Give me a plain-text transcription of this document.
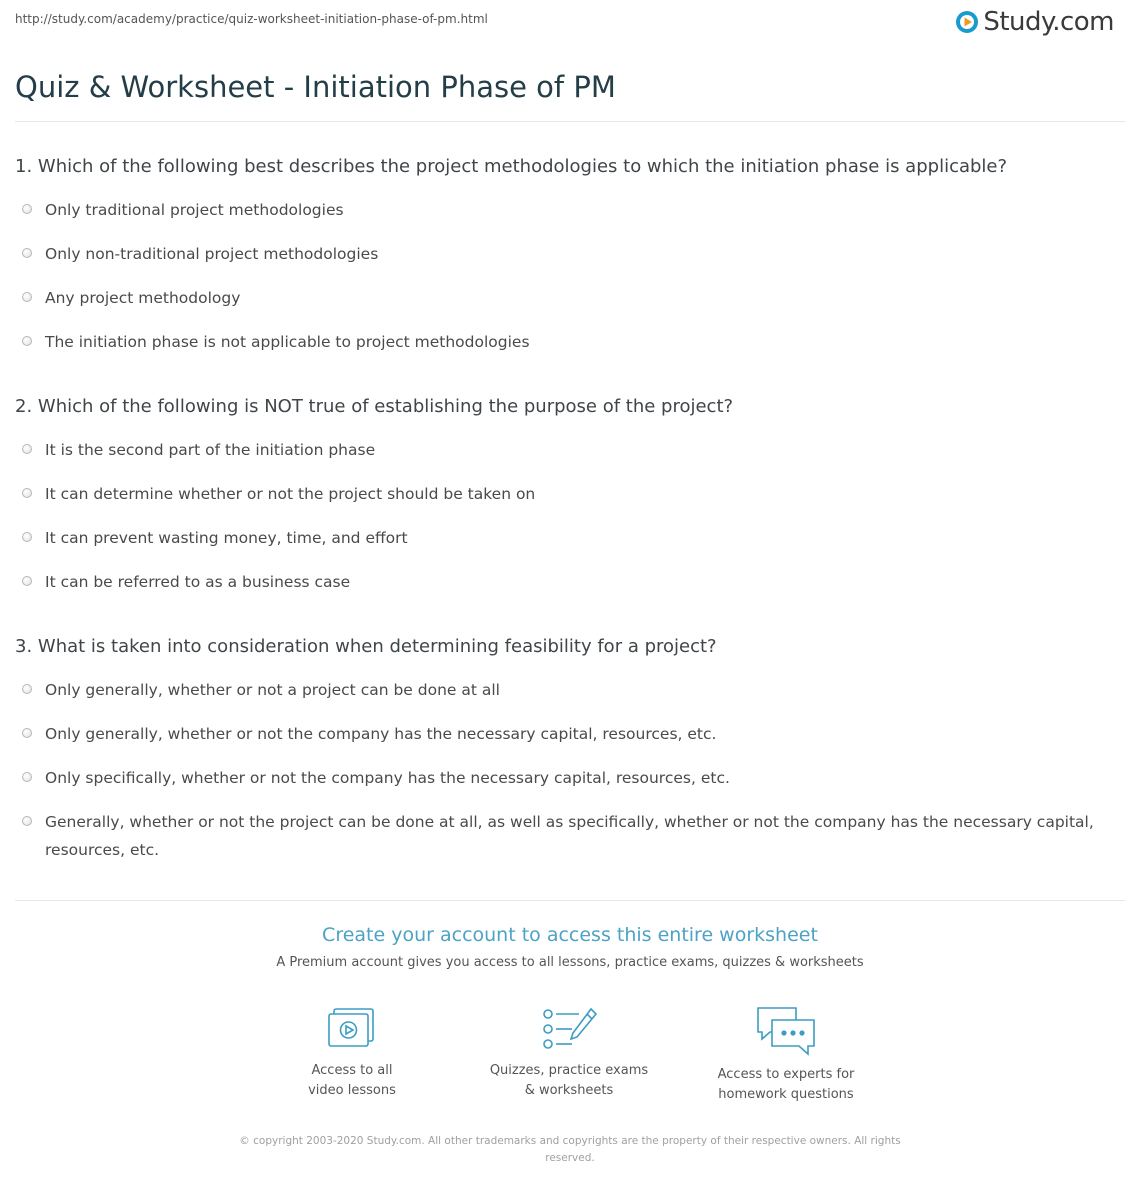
http://study.com/academy/practice/quiz-worksheet-initiation-phase-of-pm.html	Study.com
Quiz & Worksheet - Initiation Phase of PM
1. Which of the following best describes the project methodologies to which the initiation phase is applicable?
Only traditional project methodologies
Only non-traditional project methodologies
Any project methodology
The initiation phase is not applicable to project methodologies
2. Which of the following is NOT true of establishing the purpose of the project?
It is the second part of the initiation phase
It can determine whether or not the project should be taken on
It can prevent wasting money, time, and effort
It can be referred to as a business case
3. What is taken into consideration when determining feasibility for a project?
Only generally, whether or not a project can be done at all
Only generally, whether or not the company has the necessary capital, resources, etc.
Only specifically, whether or not the company has the necessary capital, resources, etc.
Generally, whether or not the project can be done at all, as well as specifically, whether or not the company has the necessary capital, resources, etc.
Create your account to access this entire worksheet
A Premium account gives you access to all lessons, practice exams, quizzes & worksheets
Access to all
video lessons
Quizzes, practice exams
& worksheets
Access to experts for
homework questions
© copyright 2003-2020 Study.com. All other trademarks and copyrights are the property of their respective owners. All rights
reserved.
